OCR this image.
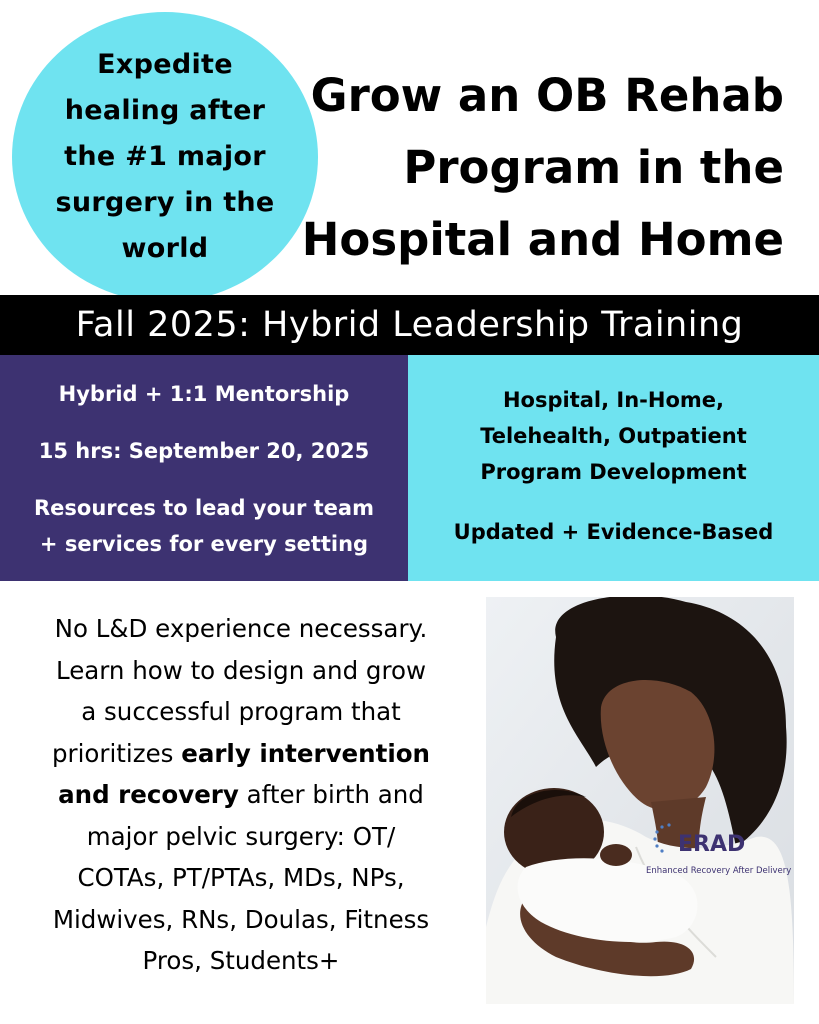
Expedite
healing after
the #1 major
surgery in the
world
Grow an OB Rehab
Program in the
Hospital and Home
Fall 2025: Hybrid Leadership Training
Hybrid + 1:1 Mentorship
15 hrs: September 20, 2025
Resources to lead your team
+ services for every setting
Hospital, In-Home,
Telehealth, Outpatient
Program Development
Updated + Evidence-Based
No L&D experience necessary.
Learn how to design and grow
a successful program that
prioritizes early intervention
and recovery after birth and
major pelvic surgery: OT/
COTAs, PT/PTAs, MDs, NPs,
Midwives, RNs, Doulas, Fitness
Pros, Students+
ERAD
Enhanced Recovery After Delivery
